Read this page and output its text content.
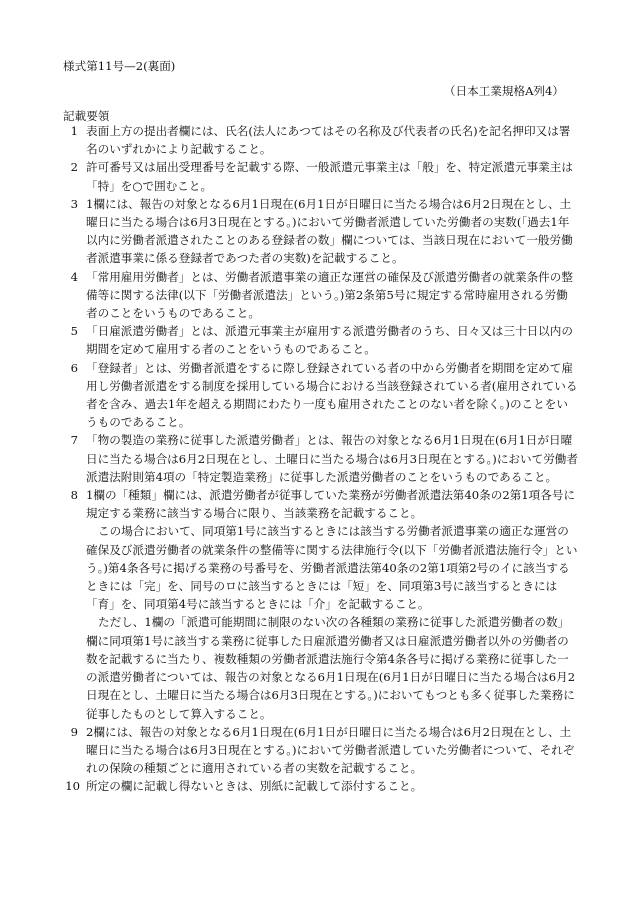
様式第11号—2(裏面)
（日本工業規格A列4）
記載要領
1 表面上方の提出者欄には、氏名(法人にあつてはその名称及び代表者の氏名)を記名押印又は署名のいずれかにより記載すること。

2 許可番号又は届出受理番号を記載する際、一般派遣元事業主は「般」を、特定派遣元事業主は「特」を○で囲むこと。

3 1欄には、報告の対象となる6月1日現在(6月1日が日曜日に当たる場合は6月2日現在とし、土曜日に当たる場合は6月3日現在とする。)において労働者派遣していた労働者の実数(「過去1年以内に労働者派遣されたことのある登録者の数」欄については、当該日現在において一般労働者派遣事業に係る登録者であつた者の実数)を記載すること。

4 「常用雇用労働者」とは、労働者派遣事業の適正な運営の確保及び派遣労働者の就業条件の整備等に関する法律(以下「労働者派遣法」という。)第2条第5号に規定する常時雇用される労働者のことをいうものであること。

5 「日雇派遣労働者」とは、派遣元事業主が雇用する派遣労働者のうち、日々又は三十日以内の期間を定めて雇用する者のことをいうものであること。

6 「登録者」とは、労働者派遣をするに際し登録されている者の中から労働者を期間を定めて雇用し労働者派遣をする制度を採用している場合における当該登録されている者(雇用されている者を含み、過去1年を超える期間にわたり一度も雇用されたことのない者を除く。)のことをいうものであること。

7 「物の製造の業務に従事した派遣労働者」とは、報告の対象となる6月1日現在(6月1日が日曜日に当たる場合は6月2日現在とし、土曜日に当たる場合は6月3日現在とする。)において労働者派遣法附則第4項の「特定製造業務」に従事した派遣労働者のことをいうものであること。

8 1欄の「種類」欄には、派遣労働者が従事していた業務が労働者派遣法第40条の2第1項各号に規定する業務に該当する場合に限り、当該業務を記載すること。

この場合において、同項第1号に該当するときには該当する労働者派遣事業の適正な運営の確保及び派遣労働者の就業条件の整備等に関する法律施行令(以下「労働者派遣法施行令」という。)第4条各号に掲げる業務の号番号を、労働者派遣法第40条の2第1項第2号のイに該当するときには「完」を、同号のロに該当するときには「短」を、同項第3号に該当するときには「育」を、同項第4号に該当するときには「介」を記載すること。

ただし、1欄の「派遣可能期間に制限のない次の各種類の業務に従事した派遣労働者の数」欄に同項第1号に該当する業務に従事した日雇派遣労働者又は日雇派遣労働者以外の労働者の数を記載するに当たり、複数種類の労働者派遣法施行令第4条各号に掲げる業務に従事した一の派遣労働者については、報告の対象となる6月1日現在(6月1日が日曜日に当たる場合は6月2日現在とし、土曜日に当たる場合は6月3日現在とする。)においてもつとも多く従事した業務に従事したものとして算入すること。

9 2欄には、報告の対象となる6月1日現在(6月1日が日曜日に当たる場合は6月2日現在とし、土曜日に当たる場合は6月3日現在とする。)において労働者派遣していた労働者について、それぞれの保険の種類ごとに適用されている者の実数を記載すること。

10 所定の欄に記載し得ないときは、別紙に記載して添付すること。
